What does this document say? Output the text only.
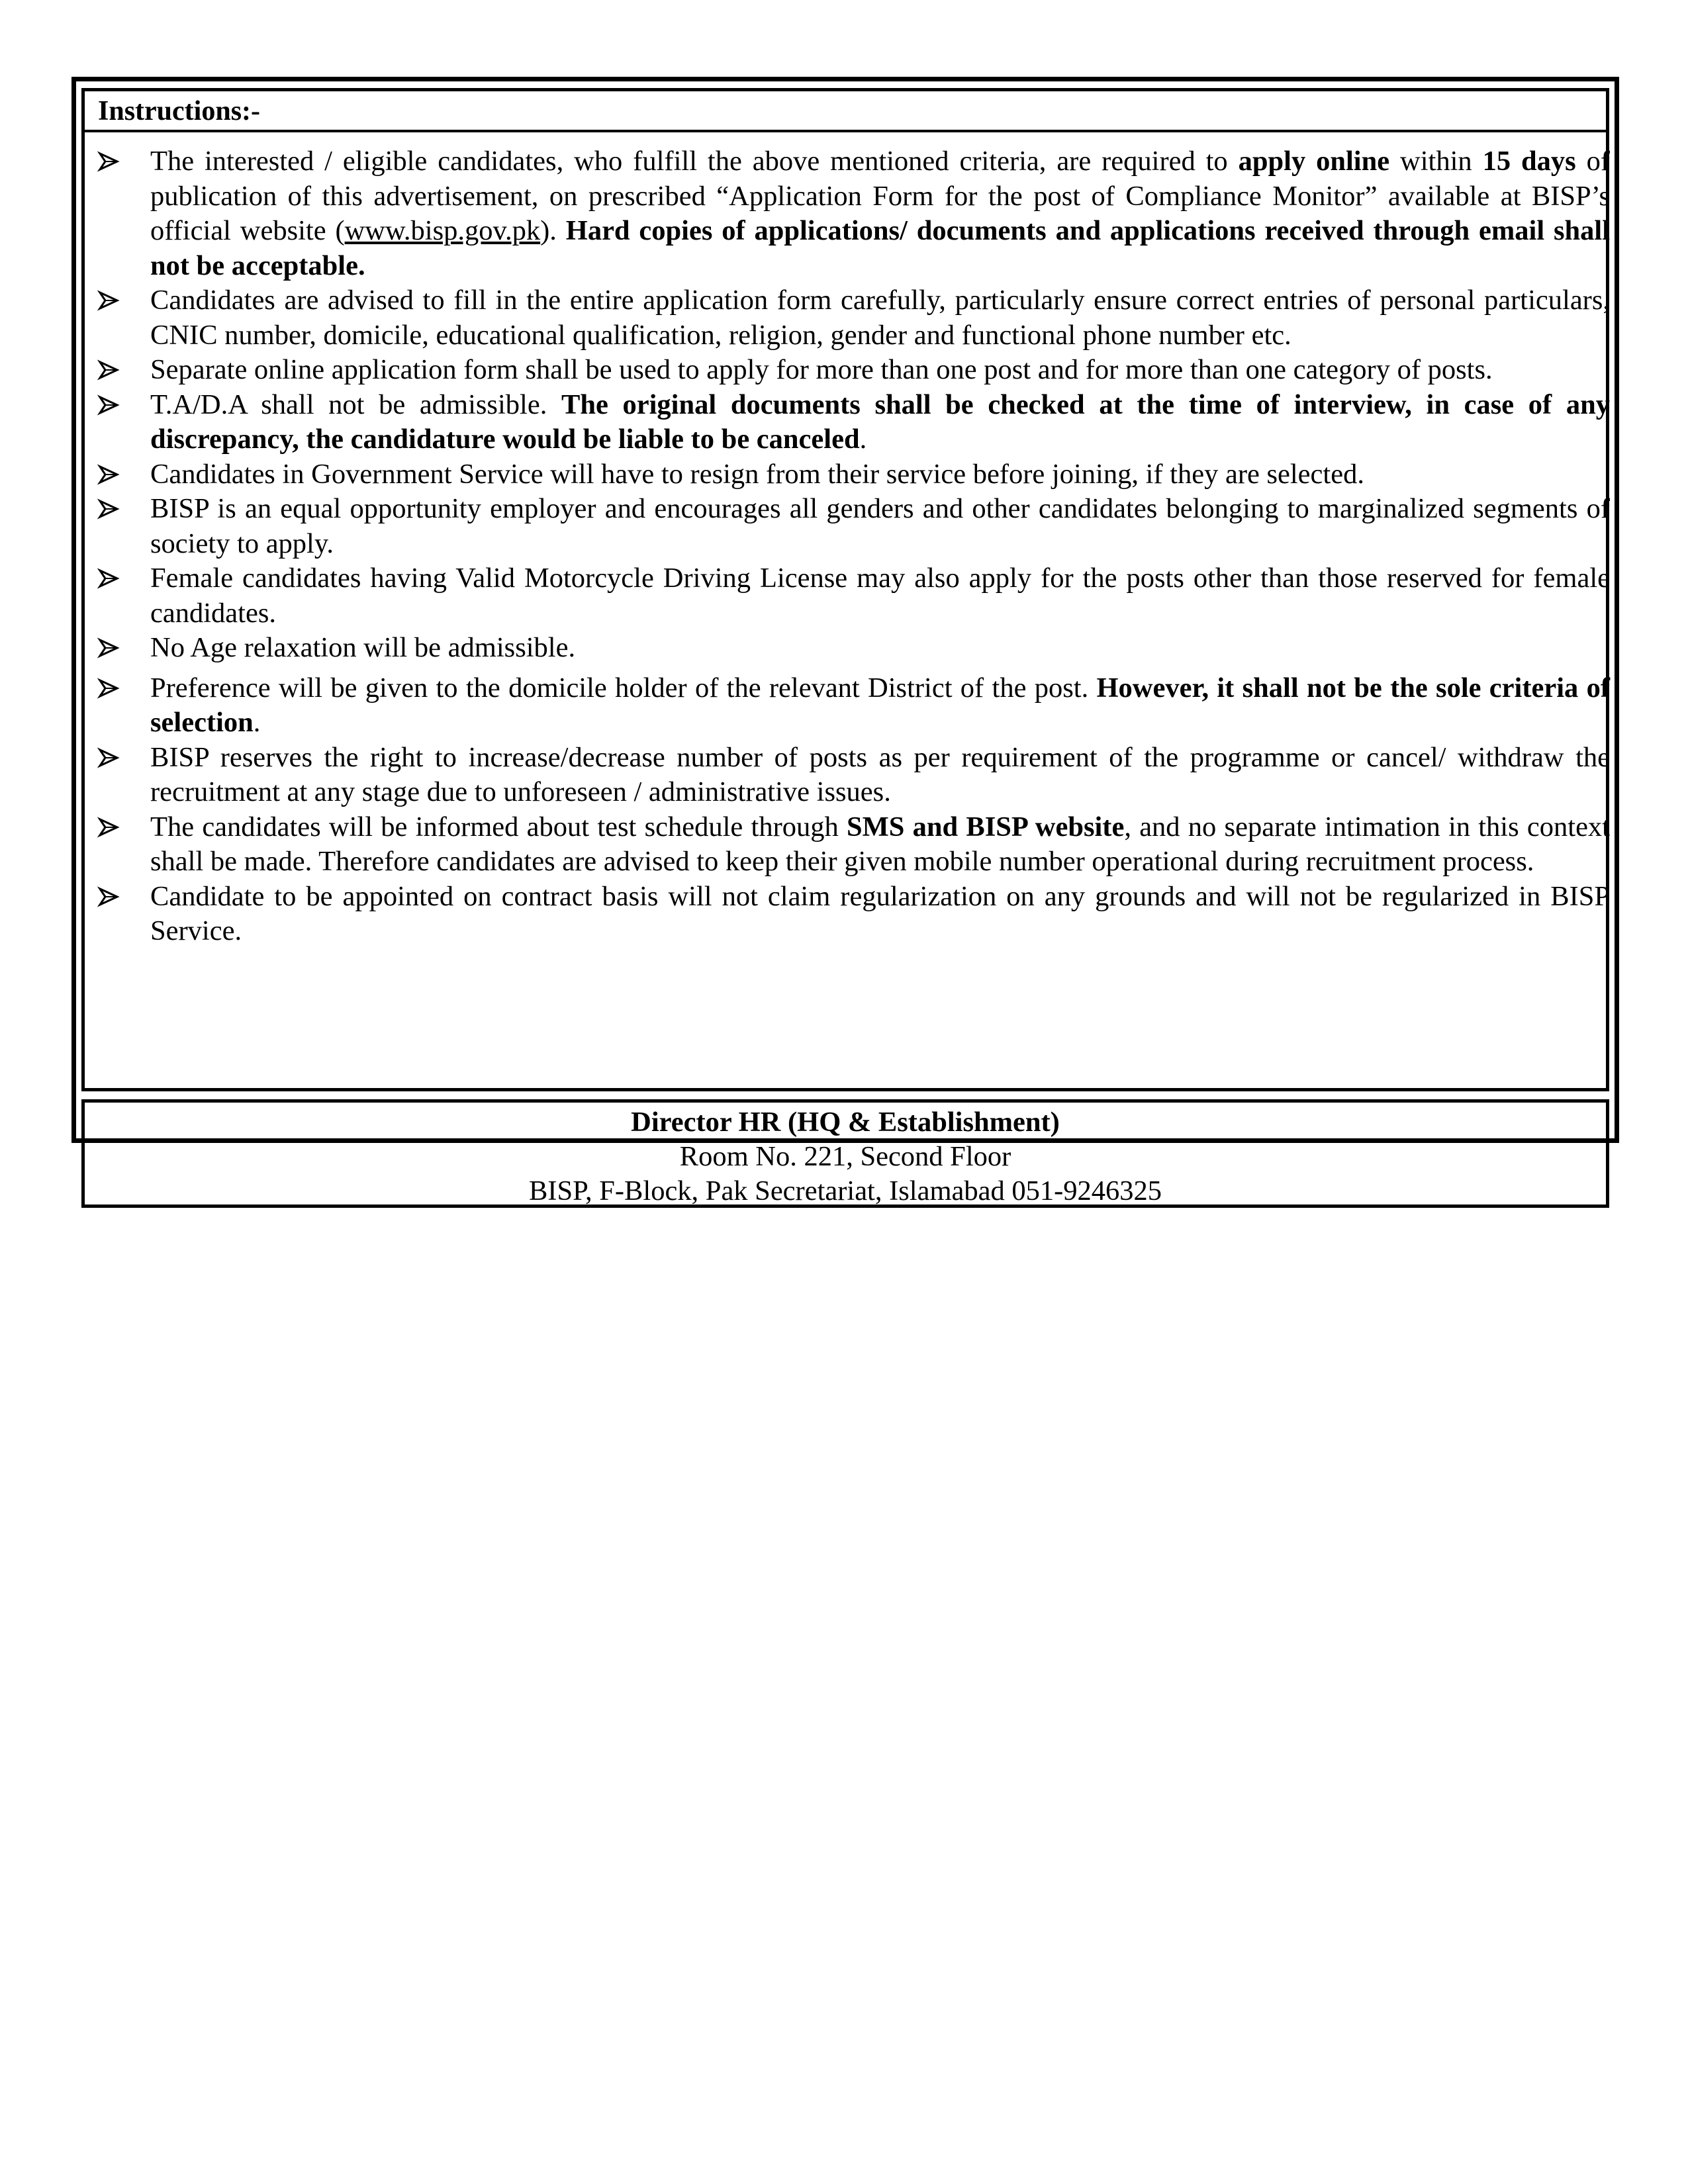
Instructions:-
The interested / eligible candidates, who fulfill the above mentioned criteria, are required to apply online within 15 days of publication of this advertisement, on prescribed “Application Form for the post of Compliance Monitor” available at BISP’s official website (www.bisp.gov.pk). Hard copies of applications/ documents and applications received through email shall not be acceptable.
Candidates are advised to fill in the entire application form carefully, particularly ensure correct entries of personal particulars, CNIC number, domicile, educational qualification, religion, gender and functional phone number etc.
Separate online application form shall be used to apply for more than one post and for more than one category of posts.
T.A/D.A shall not be admissible. The original documents shall be checked at the time of interview, in case of any discrepancy, the candidature would be liable to be canceled.
Candidates in Government Service will have to resign from their service before joining, if they are selected.
BISP is an equal opportunity employer and encourages all genders and other candidates belonging to marginalized segments of society to apply.
Female candidates having Valid Motorcycle Driving License may also apply for the posts other than those reserved for female candidates.
No Age relaxation will be admissible.
Preference will be given to the domicile holder of the relevant District of the post. However, it shall not be the sole criteria of selection.
BISP reserves the right to increase/decrease number of posts as per requirement of the programme or cancel/ withdraw the recruitment at any stage due to unforeseen / administrative issues.
The candidates will be informed about test schedule through SMS and BISP website, and no separate intimation in this context shall be made. Therefore candidates are advised to keep their given mobile number operational during recruitment process.
Candidate to be appointed on contract basis will not claim regularization on any grounds and will not be regularized in BISP Service.
Director HR (HQ & Establishment)
Room No. 221, Second Floor
BISP, F-Block, Pak Secretariat, Islamabad 051-9246325
